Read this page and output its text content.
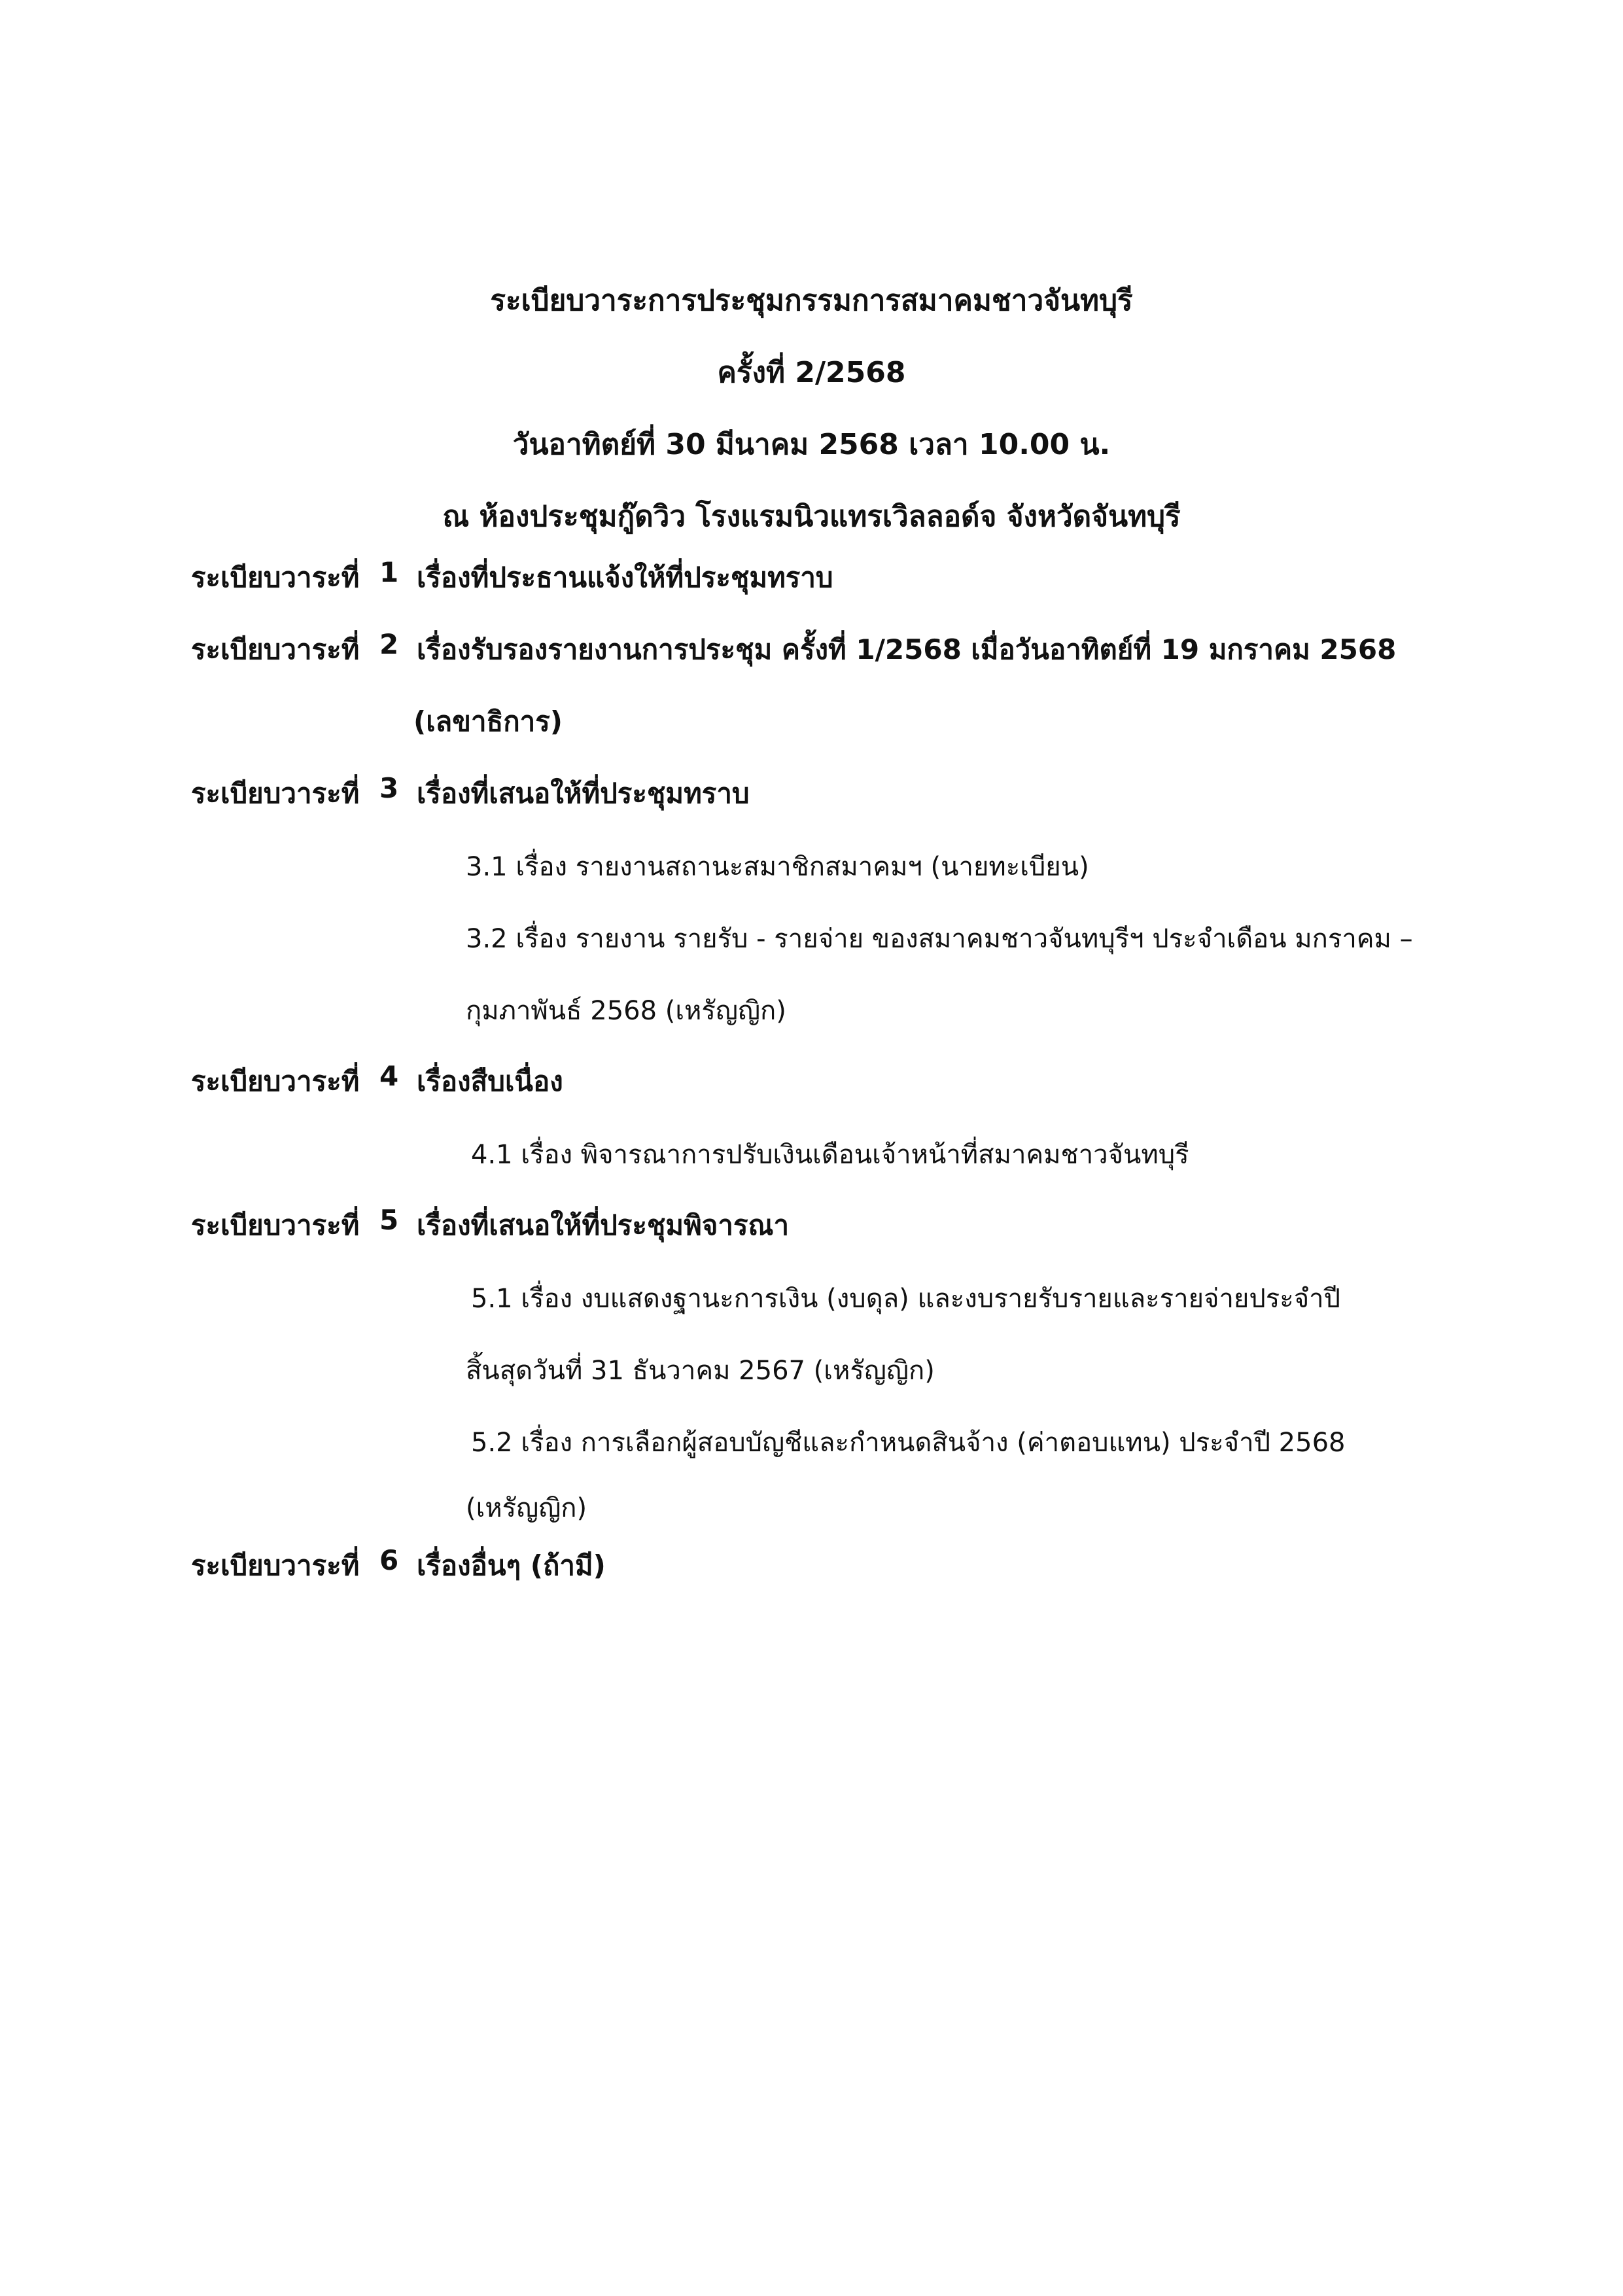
ระเบียบวาระการประชุมกรรมการสมาคมชาวจันทบุรี
ครั้งที่ 2/2568
วันอาทิตย์ที่ 30 มีนาคม 2568 เวลา 10.00 น.
ณ ห้องประชุมกู๊ดวิว โรงแรมนิวแทรเวิลลอด์จ จังหวัดจันทบุรี
ระเบียบวาระที่ 1 เรื่องที่ประธานแจ้งให้ที่ประชุมทราบ
ระเบียบวาระที่ 2 เรื่องรับรองรายงานการประชุม ครั้งที่ 1/2568 เมื่อวันอาทิตย์ที่ 19 มกราคม 2568
(เลขาธิการ)
ระเบียบวาระที่ 3 เรื่องที่เสนอให้ที่ประชุมทราบ
3.1 เรื่อง รายงานสถานะสมาชิกสมาคมฯ (นายทะเบียน)
3.2 เรื่อง รายงาน รายรับ - รายจ่าย ของสมาคมชาวจันทบุรีฯ ประจำเดือน มกราคม –
กุมภาพันธ์ 2568 (เหรัญญิก)
ระเบียบวาระที่ 4 เรื่องสืบเนื่อง
4.1 เรื่อง พิจารณาการปรับเงินเดือนเจ้าหน้าที่สมาคมชาวจันทบุรี
ระเบียบวาระที่ 5 เรื่องที่เสนอให้ที่ประชุมพิจารณา
5.1 เรื่อง งบแสดงฐานะการเงิน (งบดุล) และงบรายรับรายและรายจ่ายประจำปี
สิ้นสุดวันที่ 31 ธันวาคม 2567 (เหรัญญิก)
5.2 เรื่อง การเลือกผู้สอบบัญชีและกำหนดสินจ้าง (ค่าตอบแทน) ประจำปี 2568
(เหรัญญิก)
ระเบียบวาระที่ 6 เรื่องอื่นๆ (ถ้ามี)
